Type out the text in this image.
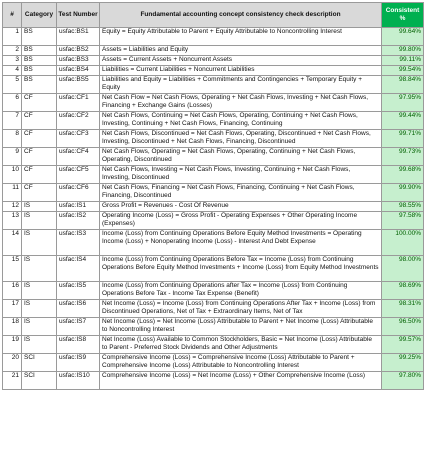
#	Category	Test Number	Fundamental accounting concept consistency check description	Consistent %
1	BS	usfac:BS1	Equity = Equity Attributable to Parent + Equity Attributable to Noncontrolling Interest	99.64%
2	BS	usfac:BS2	Assets = Liabilities and Equity	99.80%
3	BS	usfac:BS3	Assets = Current Assets + Noncurrent Assets	99.11%
4	BS	usfac:BS4	Liabilities = Current Liabilities + Noncurrent Liabilities	99.54%
5	BS	usfac:BS5	Liabilities and Equity = Liabilities + Commitments and Contingencies + Temporary Equity + Equity	98.84%
6	CF	usfac:CF1	Net Cash Flow = Net Cash Flows, Operating + Net Cash Flows, Investing + Net Cash Flows, Financing + Exchange Gains (Losses)	97.95%
7	CF	usfac:CF2	Net Cash Flows, Continuing = Net Cash Flows, Operating, Continuing + Net Cash Flows, Investing, Continuing + Net Cash Flows, Financing, Continuing	99.44%
8	CF	usfac:CF3	Net Cash Flows, Discontinued = Net Cash Flows, Operating, Discontinued + Net Cash Flows, Investing, Discontinued + Net Cash Flows, Financing, Discontinued	99.71%
9	CF	usfac:CF4	Net Cash Flows, Operating = Net Cash Flows, Operating, Continuing + Net Cash Flows, Operating, Discontinued	99.73%
10	CF	usfac:CF5	Net Cash Flows, Investing = Net Cash Flows, Investing, Continuing + Net Cash Flows, Investing, Discontinued	99.68%
11	CF	usfac:CF6	Net Cash Flows, Financing = Net Cash Flows, Financing, Continuing + Net Cash Flows, Financing, Discontinued	99.90%
12	IS	usfac:IS1	Gross Profit = Revenues - Cost Of Revenue	98.55%
13	IS	usfac:IS2	Operating Income (Loss) = Gross Profit - Operating Expenses + Other Operating Income (Expenses)	97.58%
14	IS	usfac:IS3	Income (Loss) from Continuing Operations Before Equity Method Investments = Operating Income (Loss) + Nonoperating Income (Loss) - Interest And Debt Expense	100.00%
15	IS	usfac:IS4	Income (Loss) from Continuing Operations Before Tax = Income (Loss) from Continuing Operations Before Equity Method Investments + Income (Loss) from Equity Method Investments	98.00%
16	IS	usfac:IS5	Income (Loss) from Continuing Operations after Tax = Income (Loss) from Continuing Operations Before Tax - Income Tax Expense (Benefit)	98.69%
17	IS	usfac:IS6	Net Income (Loss) = Income (Loss) from Continuing Operations After Tax + Income (Loss) from Discontinued Operations, Net of Tax + Extraordinary Items, Net of Tax	98.31%
18	IS	usfac:IS7	Net Income (Loss) = Net Income (Loss) Attributable to Parent + Net Income (Loss) Attributable to Noncontrolling Interest	96.50%
19	IS	usfac:IS8	Net Income (Loss) Available to Common Stockholders, Basic = Net Income (Loss) Attributable to Parent - Preferred Stock Dividends and Other Adjustments	99.57%
20	SCI	usfac:IS9	Comprehensive Income (Loss) = Comprehensive Income (Loss) Attributable to Parent + Comprehensive Income (Loss) Attributable to Noncontrolling Interest	99.25%
21	SCI	usfac:IS10	Comprehensive Income (Loss) = Net Income (Loss) + Other Comprehensive Income (Loss)	97.80%
